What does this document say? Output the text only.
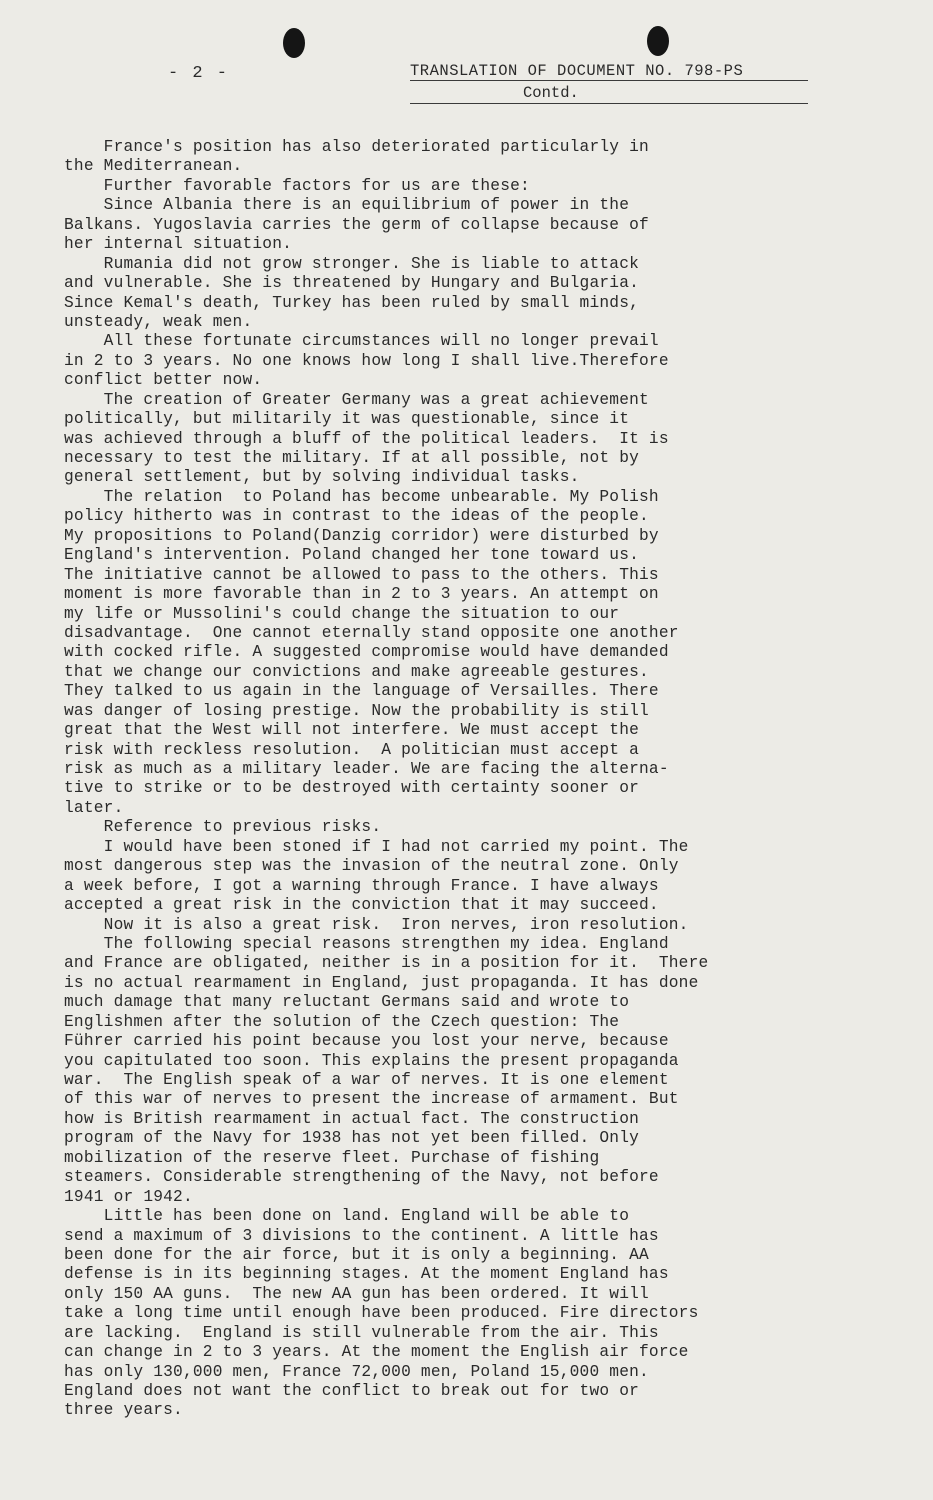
- 2 -	TRANSLATION OF DOCUMENT NO. 798-PS
Contd.
France's position has also deteriorated particularly in
the Mediterranean.
Further favorable factors for us are these:
Since Albania there is an equilibrium of power in the
Balkans. Yugoslavia carries the germ of collapse because of
her internal situation.
Rumania did not grow stronger. She is liable to attack
and vulnerable. She is threatened by Hungary and Bulgaria.
Since Kemal's death, Turkey has been ruled by small minds,
unsteady, weak men.
All these fortunate circumstances will no longer prevail
in 2 to 3 years. No one knows how long I shall live.Therefore
conflict better now.
The creation of Greater Germany was a great achievement
politically, but militarily it was questionable, since it
was achieved through a bluff of the political leaders.  It is
necessary to test the military. If at all possible, not by
general settlement, but by solving individual tasks.
The relation  to Poland has become unbearable. My Polish
policy hitherto was in contrast to the ideas of the people.
My propositions to Poland(Danzig corridor) were disturbed by
England's intervention. Poland changed her tone toward us.
The initiative cannot be allowed to pass to the others. This
moment is more favorable than in 2 to 3 years. An attempt on
my life or Mussolini's could change the situation to our
disadvantage.  One cannot eternally stand opposite one another
with cocked rifle. A suggested compromise would have demanded
that we change our convictions and make agreeable gestures.
They talked to us again in the language of Versailles. There
was danger of losing prestige. Now the probability is still
great that the West will not interfere. We must accept the
risk with reckless resolution.  A politician must accept a
risk as much as a military leader. We are facing the alterna-
tive to strike or to be destroyed with certainty sooner or
later.
Reference to previous risks.
I would have been stoned if I had not carried my point. The
most dangerous step was the invasion of the neutral zone. Only
a week before, I got a warning through France. I have always
accepted a great risk in the conviction that it may succeed.
Now it is also a great risk.  Iron nerves, iron resolution.
The following special reasons strengthen my idea. England
and France are obligated, neither is in a position for it.  There
is no actual rearmament in England, just propaganda. It has done
much damage that many reluctant Germans said and wrote to
Englishmen after the solution of the Czech question: The
Führer carried his point because you lost your nerve, because
you capitulated too soon. This explains the present propaganda
war.  The English speak of a war of nerves. It is one element
of this war of nerves to present the increase of armament. But
how is British rearmament in actual fact. The construction
program of the Navy for 1938 has not yet been filled. Only
mobilization of the reserve fleet. Purchase of fishing
steamers. Considerable strengthening of the Navy, not before
1941 or 1942.
Little has been done on land. England will be able to
send a maximum of 3 divisions to the continent. A little has
been done for the air force, but it is only a beginning. AA
defense is in its beginning stages. At the moment England has
only 150 AA guns.  The new AA gun has been ordered. It will
take a long time until enough have been produced. Fire directors
are lacking.  England is still vulnerable from the air. This
can change in 2 to 3 years. At the moment the English air force
has only 130,000 men, France 72,000 men, Poland 15,000 men.
England does not want the conflict to break out for two or
three years.
